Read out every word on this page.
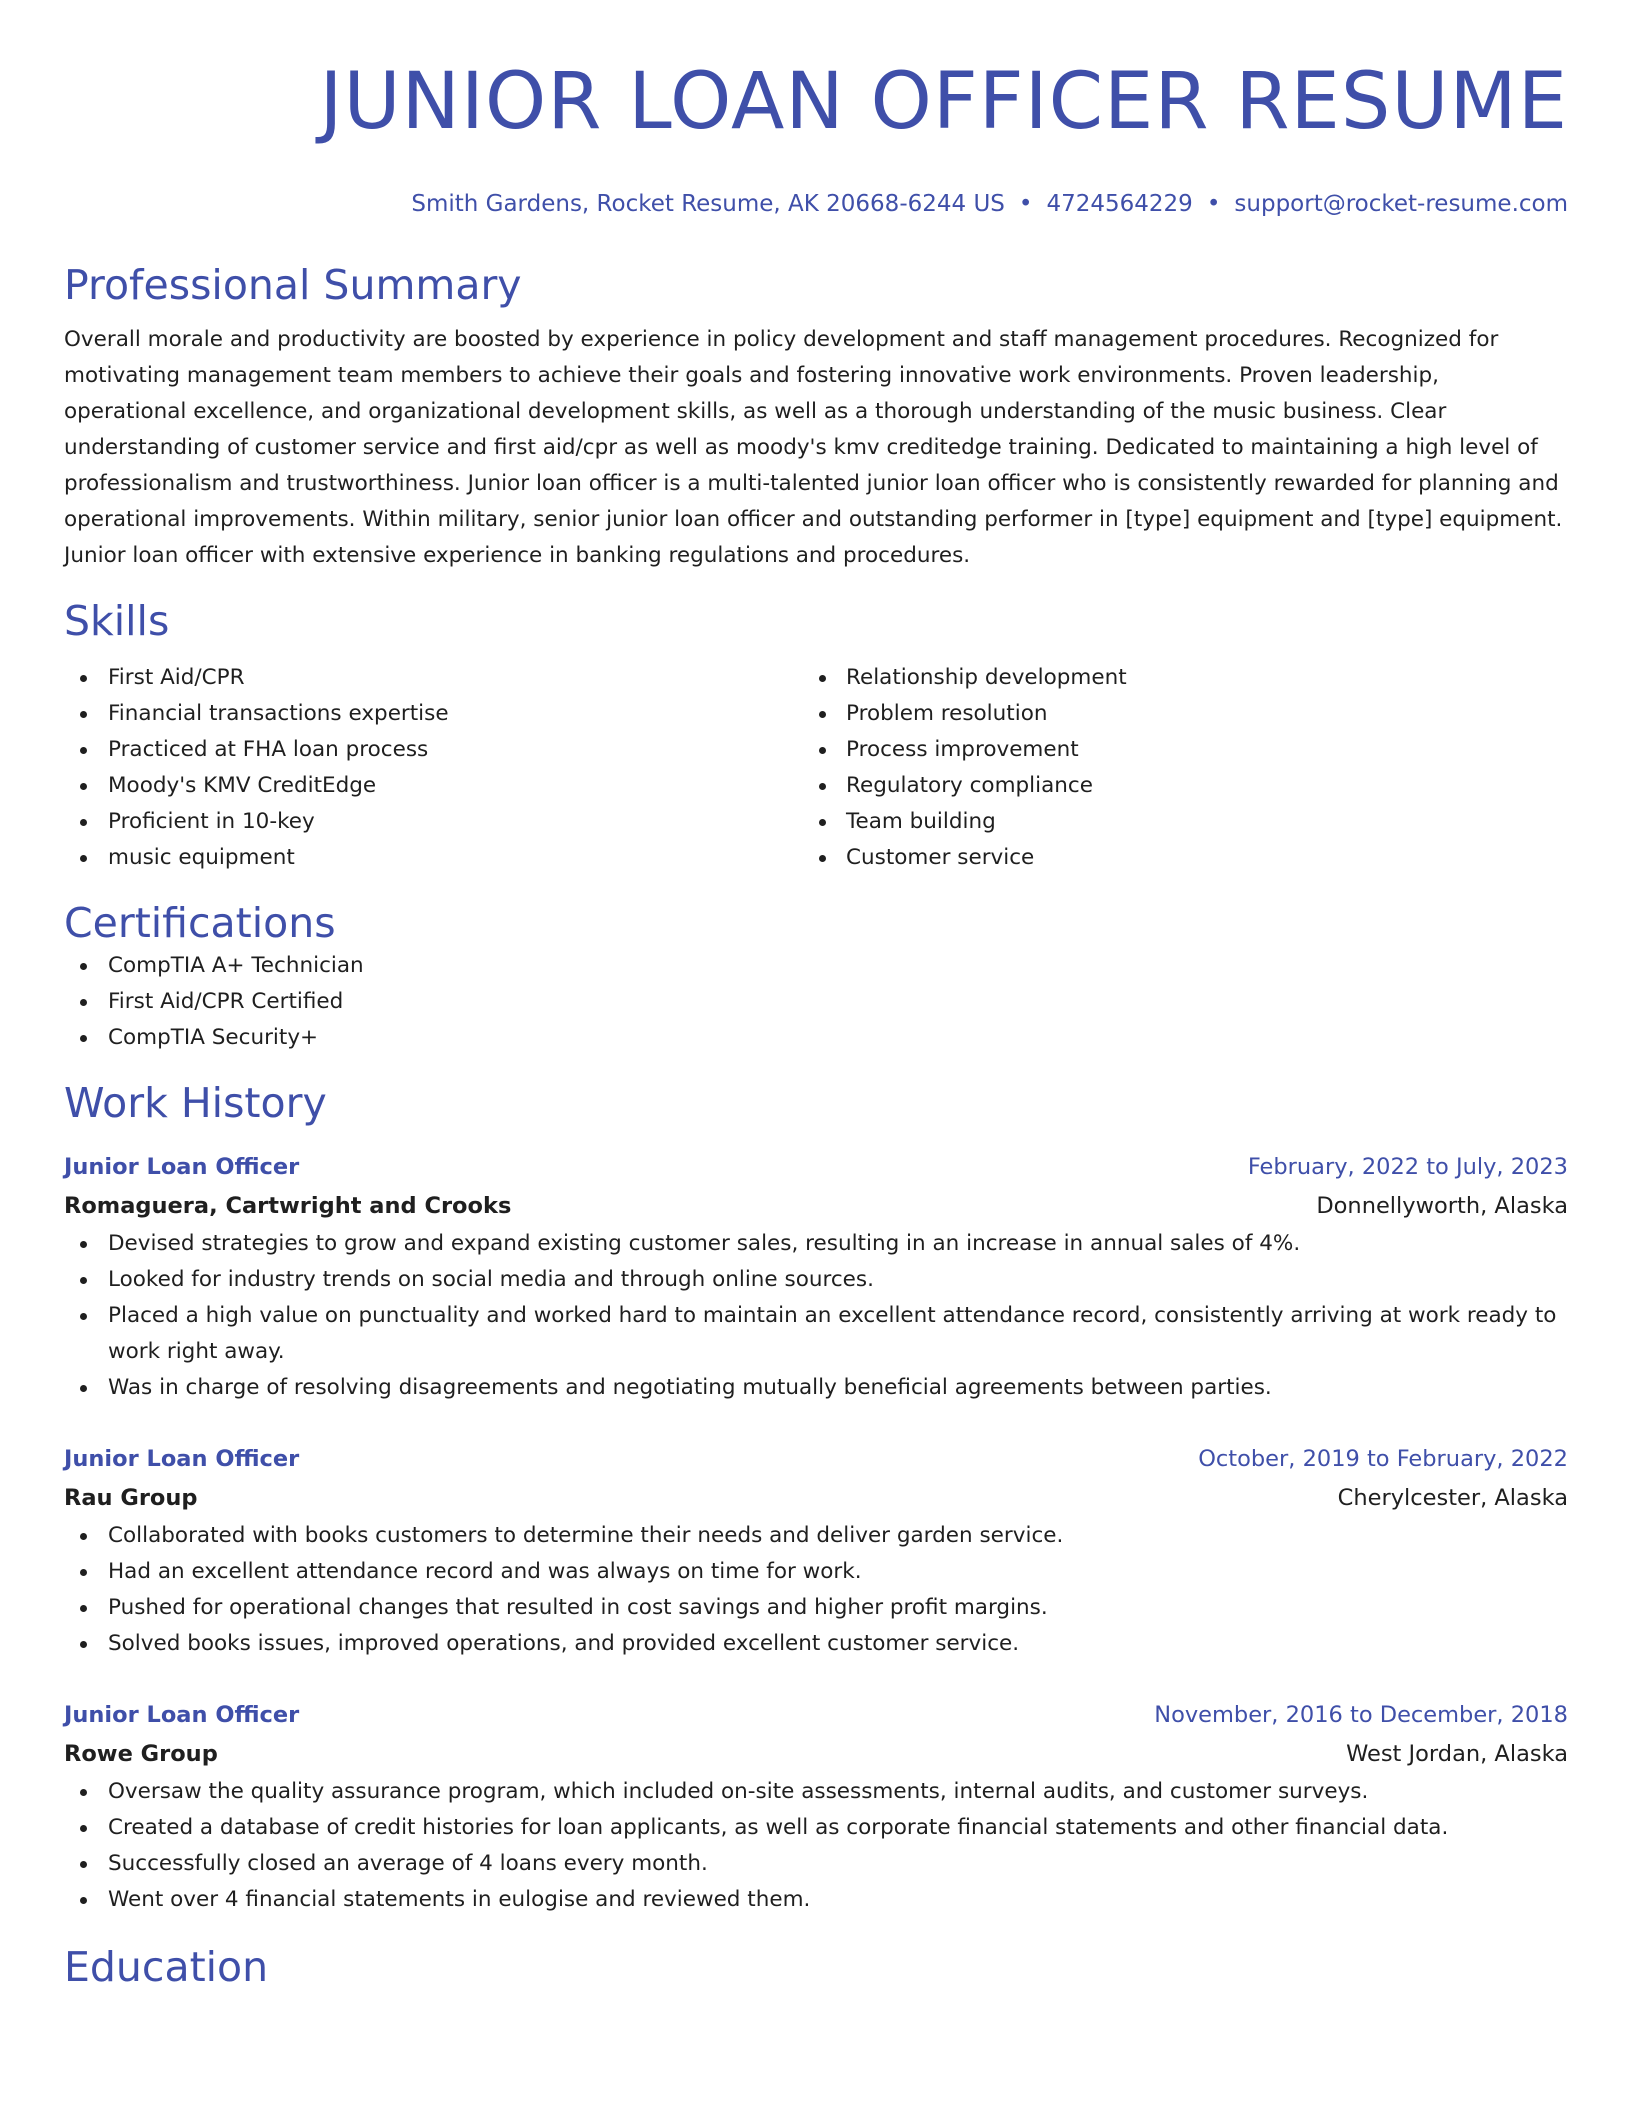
JUNIOR LOAN OFFICER RESUME
Smith Gardens, Rocket Resume, AK 20668-6244 US • 4724564229 • support@rocket-resume.com
Professional Summary
Overall morale and productivity are boosted by experience in policy development and staff management procedures. Recognized for motivating management team members to achieve their goals and fostering innovative work environments. Proven leadership, operational excellence, and organizational development skills, as well as a thorough understanding of the music business. Clear understanding of customer service and first aid/cpr as well as moody's kmv creditedge training. Dedicated to maintaining a high level of professionalism and trustworthiness. Junior loan officer is a multi-talented junior loan officer who is consistently rewarded for planning and operational improvements. Within military, senior junior loan officer and outstanding performer in [type] equipment and [type] equipment. Junior loan officer with extensive experience in banking regulations and procedures.
Skills
First Aid/CPR
Financial transactions expertise
Practiced at FHA loan process
Moody's KMV CreditEdge
Proficient in 10-key
music equipment
Relationship development
Problem resolution
Process improvement
Regulatory compliance
Team building
Customer service
Certifications
CompTIA A+ Technician
First Aid/CPR Certified
CompTIA Security+
Work History
Junior Loan Officer	February, 2022 to July, 2023
Romaguera, Cartwright and Crooks	Donnellyworth, Alaska
Devised strategies to grow and expand existing customer sales, resulting in an increase in annual sales of 4%.
Looked for industry trends on social media and through online sources.
Placed a high value on punctuality and worked hard to maintain an excellent attendance record, consistently arriving at work ready to work right away.
Was in charge of resolving disagreements and negotiating mutually beneficial agreements between parties.
Junior Loan Officer	October, 2019 to February, 2022
Rau Group	Cherylcester, Alaska
Collaborated with books customers to determine their needs and deliver garden service.
Had an excellent attendance record and was always on time for work.
Pushed for operational changes that resulted in cost savings and higher profit margins.
Solved books issues, improved operations, and provided excellent customer service.
Junior Loan Officer	November, 2016 to December, 2018
Rowe Group	West Jordan, Alaska
Oversaw the quality assurance program, which included on-site assessments, internal audits, and customer surveys.
Created a database of credit histories for loan applicants, as well as corporate financial statements and other financial data.
Successfully closed an average of 4 loans every month.
Went over 4 financial statements in eulogise and reviewed them.
Education
